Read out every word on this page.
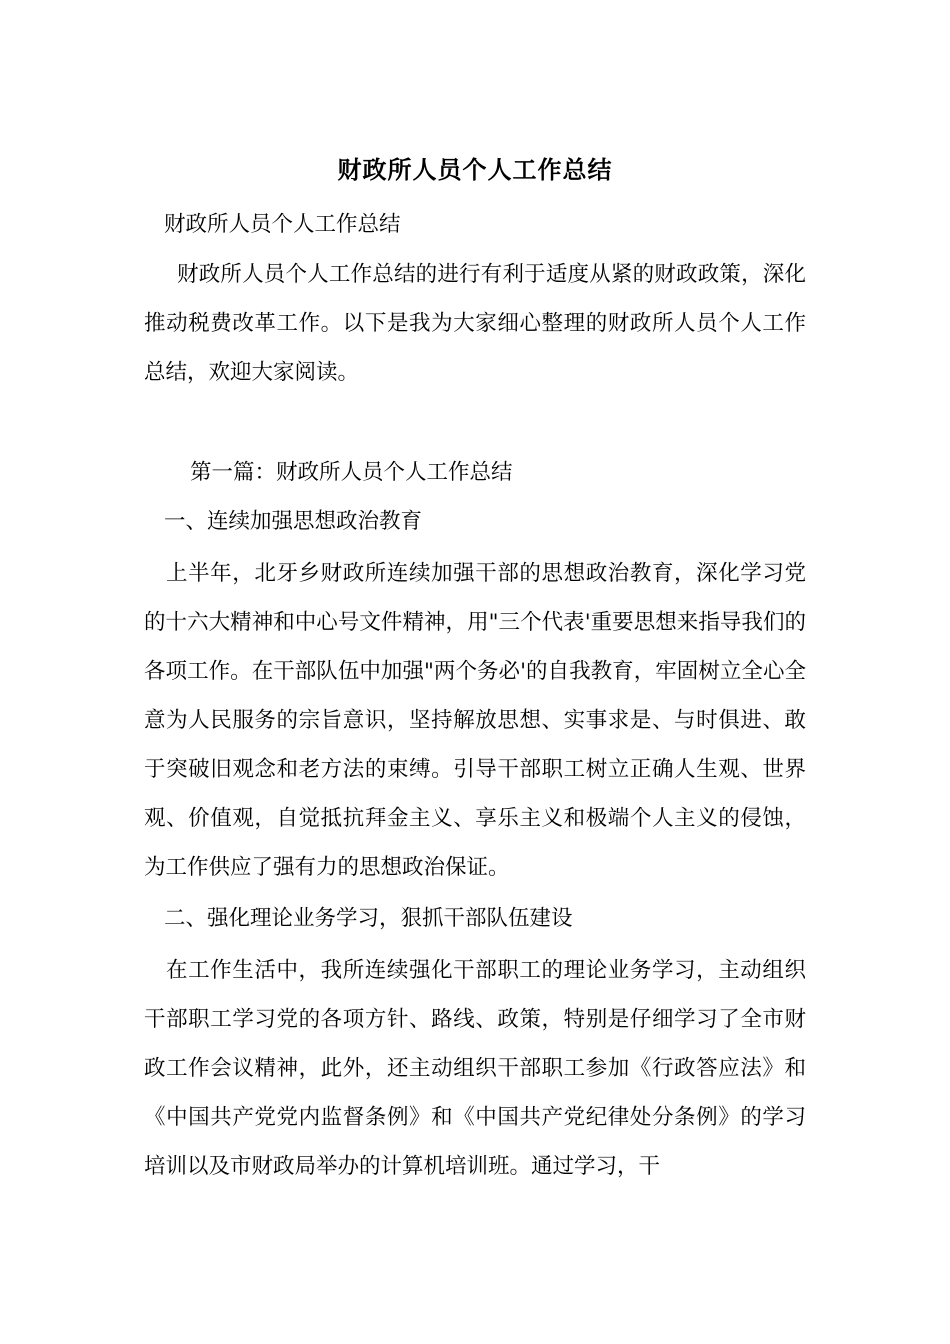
财政所人员个人工作总结
财政所人员个人工作总结
财政所人员个人工作总结的进行有利于适度从紧的财政政策，深化推动税费改革工作。以下是我为大家细心整理的财政所人员个人工作总结，欢迎大家阅读。
第一篇：财政所人员个人工作总结
一、连续加强思想政治教育
上半年，北牙乡财政所连续加强干部的思想政治教育，深化学习党的十六大精神和中心号文件精神，用"三个代表'重要思想来指导我们的各项工作。在干部队伍中加强"两个务必'的自我教育，牢固树立全心全意为人民服务的宗旨意识，坚持解放思想、实事求是、与时俱进、敢于突破旧观念和老方法的束缚。引导干部职工树立正确人生观、世界观、价值观，自觉抵抗拜金主义、享乐主义和极端个人主义的侵蚀，为工作供应了强有力的思想政治保证。
二、强化理论业务学习，狠抓干部队伍建设
在工作生活中，我所连续强化干部职工的理论业务学习，主动组织干部职工学习党的各项方针、路线、政策，特别是仔细学习了全市财政工作会议精神，此外，还主动组织干部职工参加《行政答应法》和《中国共产党党内监督条例》和《中国共产党纪律处分条例》的学习培训以及市财政局举办的计算机培训班。通过学习，干
